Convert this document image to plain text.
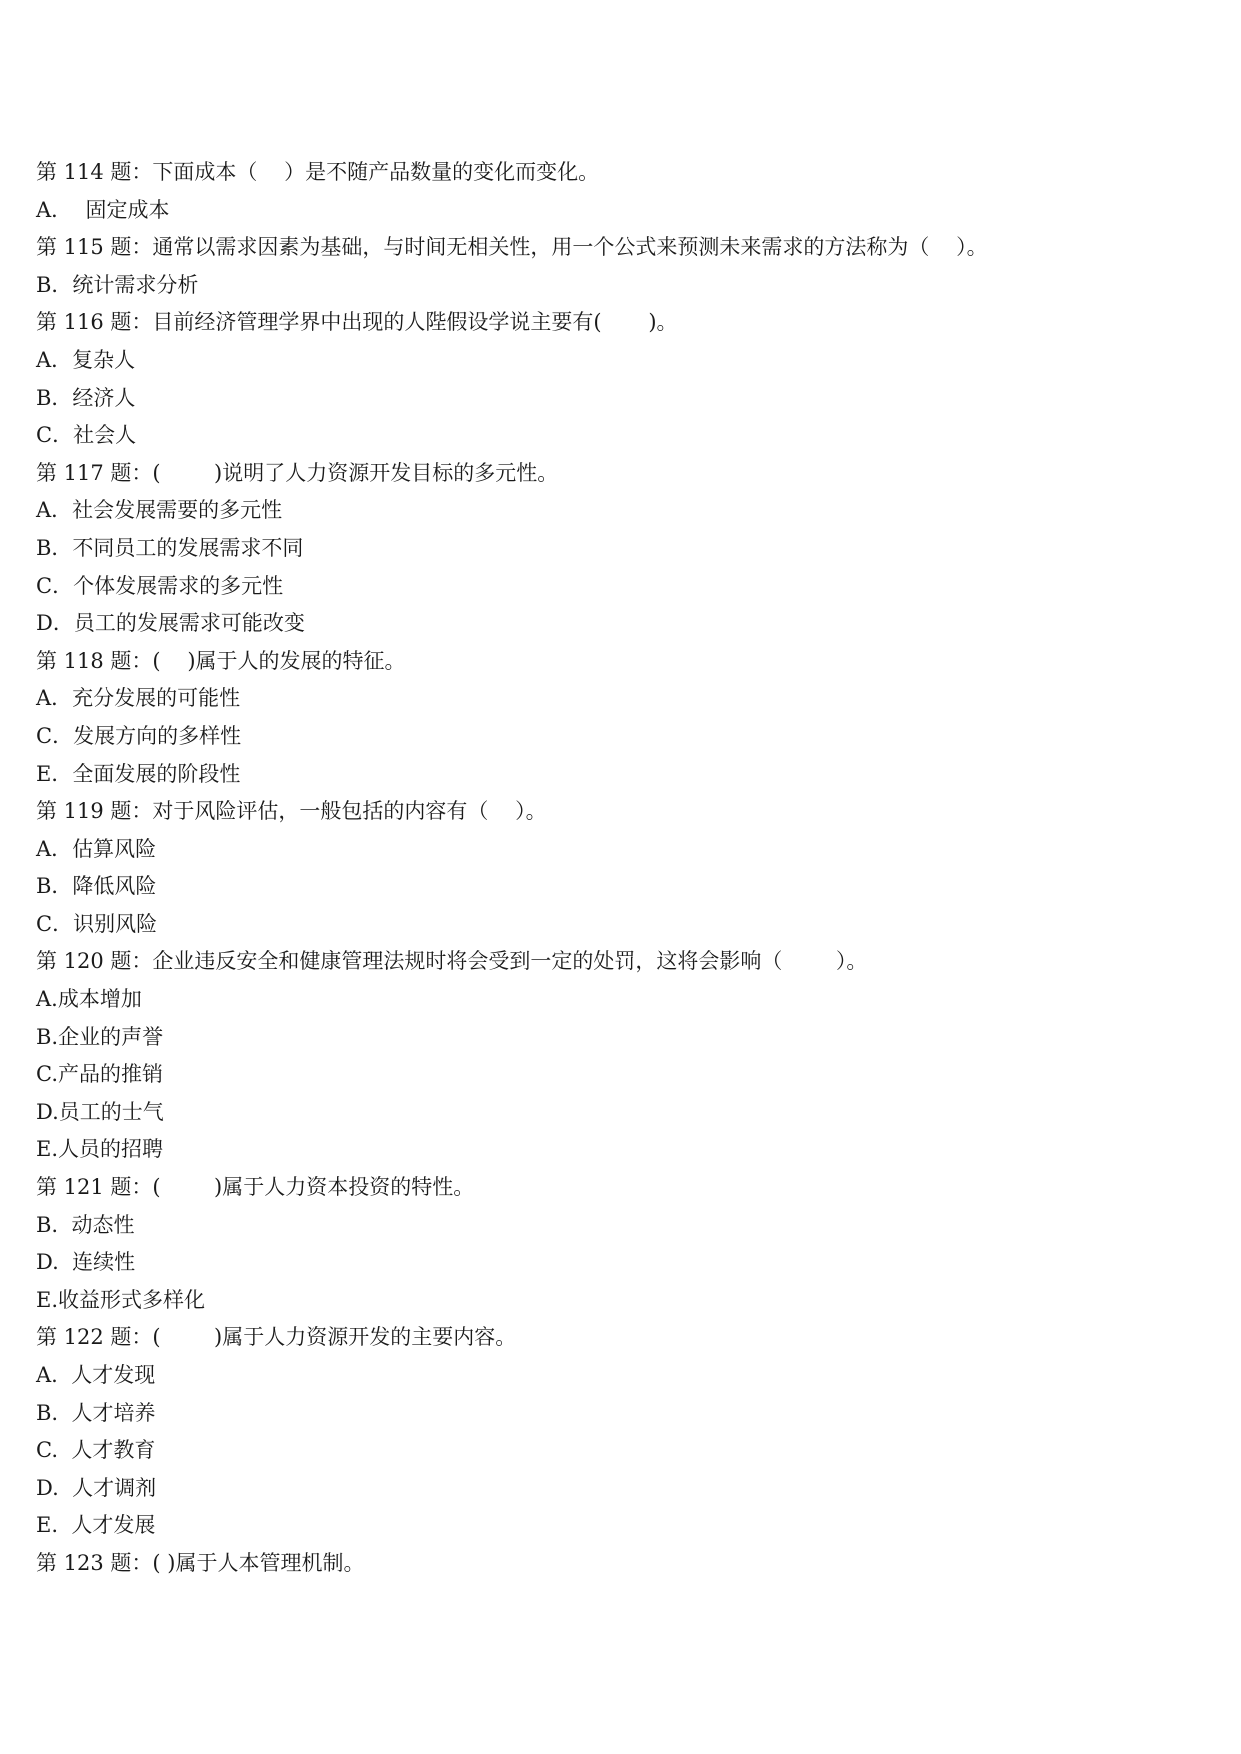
第 114 题：下面成本（    ）是不随产品数量的变化而变化。
A．  固定成本
第 115 题：通常以需求因素为基础，与时间无相关性，用一个公式来预测未来需求的方法称为（    ）。
B．统计需求分析
第 116 题：目前经济管理学界中出现的人陛假设学说主要有(       )。
A．复杂人
B．经济人
C．社会人
第 117 题：(        )说明了人力资源开发目标的多元性。
A．社会发展需要的多元性
B．不同员工的发展需求不同
C．个体发展需求的多元性
D．员工的发展需求可能改变
第 118 题：(    )属于人的发展的特征。
A．充分发展的可能性
C．发展方向的多样性
E．全面发展的阶段性
第 119 题：对于风险评估，一般包括的内容有（    ）。
A．估算风险
B．降低风险
C．识别风险
第 120 题：企业违反安全和健康管理法规时将会受到一定的处罚，这将会影响（        ）。
A.成本增加
B.企业的声誉
C.产品的推销
D.员工的士气
E.人员的招聘
第 121 题：(        )属于人力资本投资的特性。
B.  动态性
D.  连续性
E.收益形式多样化
第 122 题：(        )属于人力资源开发的主要内容。
A.  人才发现
B.  人才培养
C.  人才教育
D.  人才调剂
E.  人才发展
第 123 题：( )属于人本管理机制。
